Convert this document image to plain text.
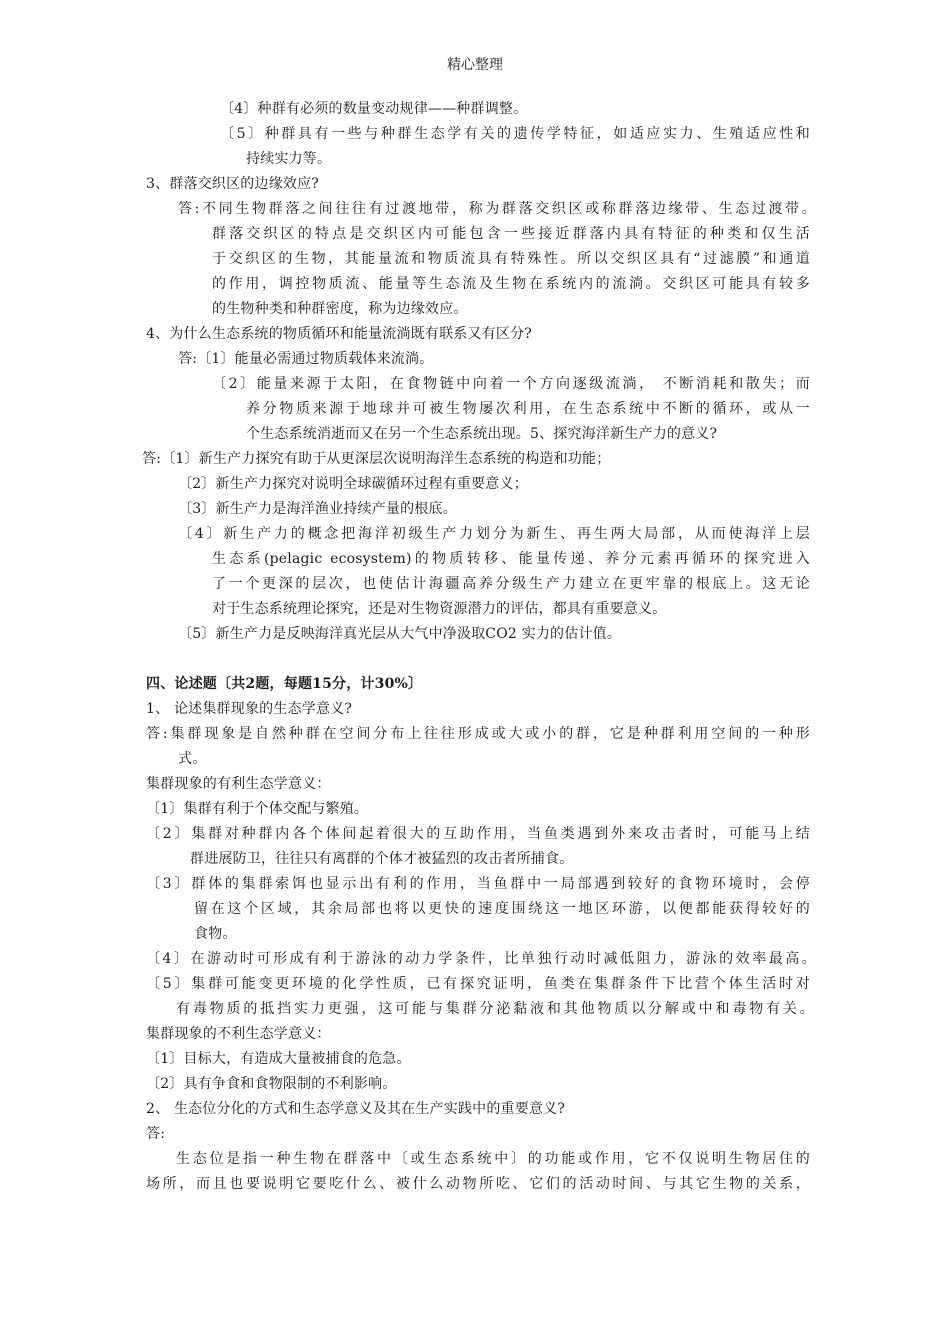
精心整理
〔4〕种群有必须的数量变动规律——种群调整。
〔5〕种群具有一些与种群生态学有关的遗传学特征，如适应实力、生殖适应性和
持续实力等。
3、群落交织区的边缘效应?
答:不同生物群落之间往往有过渡地带，称为群落交织区或称群落边缘带、生态过渡带。
群落交织区的特点是交织区内可能包含一些接近群落内具有特征的种类和仅生活
于交织区的生物，其能量流和物质流具有特殊性。所以交织区具有“过滤膜”和通道
的作用，调控物质流、能量等生态流及生物在系统内的流淌。交织区可能具有较多
的生物种类和种群密度，称为边缘效应。
4、为什么生态系统的物质循环和能量流淌既有联系又有区分?
答:〔1〕能量必需通过物质载体来流淌。
〔2〕能量来源于太阳，在食物链中向着一个方向逐级流淌， 不断消耗和散失；而
养分物质来源于地球并可被生物屡次利用，在生态系统中不断的循环，或从一
个生态系统消逝而又在另一个生态系统出现。5、探究海洋新生产力的意义?
答:〔1〕新生产力探究有助于从更深层次说明海洋生态系统的构造和功能；
〔2〕新生产力探究对说明全球碳循环过程有重要意义；
〔3〕新生产力是海洋渔业持续产量的根底。
〔4〕新生产力的概念把海洋初级生产力划分为新生、再生两大局部，从而使海洋上层
生态系(pelagic ecosystem)的物质转移、能量传递、养分元素再循环的探究进入
了一个更深的层次，也使估计海疆高养分级生产力建立在更牢靠的根底上。这无论
对于生态系统理论探究，还是对生物资源潜力的评估，都具有重要意义。
〔5〕新生产力是反映海洋真光层从大气中净汲取CO2 实力的估计值。
四、论述题〔共2题，每题15分，计30%〕
1、 论述集群现象的生态学意义?
答:集群现象是自然种群在空间分布上往往形成或大或小的群，它是种群利用空间的一种形
式。
集群现象的有利生态学意义：
〔1〕集群有利于个体交配与繁殖。
〔2〕集群对种群内各个体间起着很大的互助作用，当鱼类遇到外来攻击者时，可能马上结
群进展防卫，往往只有离群的个体才被猛烈的攻击者所捕食。
〔3〕群体的集群索饵也显示出有利的作用，当鱼群中一局部遇到较好的食物环境时，会停
留在这个区域，其余局部也将以更快的速度围绕这一地区环游，以便都能获得较好的
食物。
〔4〕在游动时可形成有利于游泳的动力学条件，比单独行动时减低阻力，游泳的效率最高。
〔5〕集群可能变更环境的化学性质，已有探究证明，鱼类在集群条件下比营个体生活时对
有毒物质的抵挡实力更强，这可能与集群分泌黏液和其他物质以分解或中和毒物有关。
集群现象的不利生态学意义：
〔1〕目标大，有造成大量被捕食的危急。
〔2〕具有争食和食物限制的不利影响。
2、 生态位分化的方式和生态学意义及其在生产实践中的重要意义?
答:
生态位是指一种生物在群落中〔或生态系统中〕的功能或作用，它不仅说明生物居住的
场所，而且也要说明它要吃什么、被什么动物所吃、它们的活动时间、与其它生物的关系，
